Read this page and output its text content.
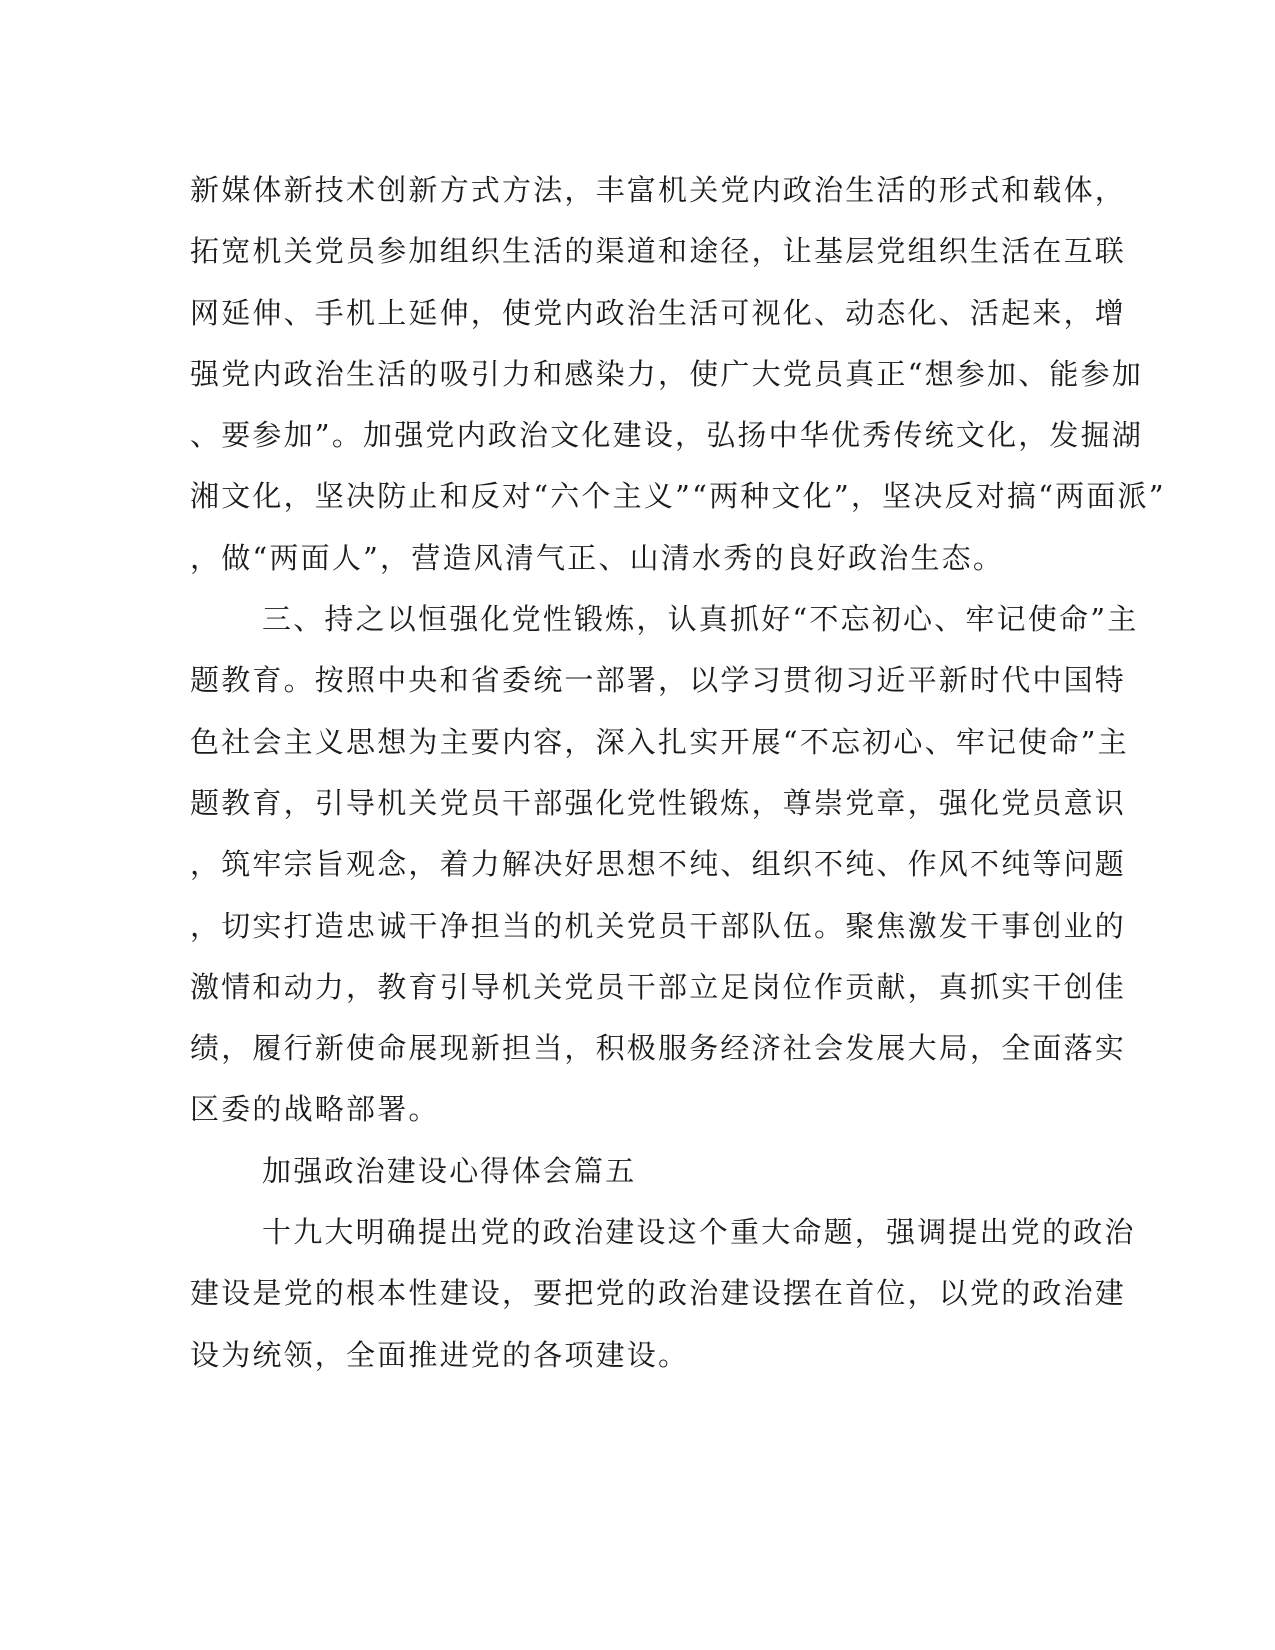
新媒体新技术创新方式方法，丰富机关党内政治生活的形式和载体，
拓宽机关党员参加组织生活的渠道和途径，让基层党组织生活在互联
网延伸、手机上延伸，使党内政治生活可视化、动态化、活起来，增
强党内政治生活的吸引力和感染力，使广大党员真正“想参加、能参加
、要参加”。加强党内政治文化建设，弘扬中华优秀传统文化，发掘湖
湘文化，坚决防止和反对“六个主义”“两种文化”，坚决反对搞“两面派”
，做“两面人”，营造风清气正、山清水秀的良好政治生态。
三、持之以恒强化党性锻炼，认真抓好“不忘初心、牢记使命”主
题教育。按照中央和省委统一部署，以学习贯彻习近平新时代中国特
色社会主义思想为主要内容，深入扎实开展“不忘初心、牢记使命”主
题教育，引导机关党员干部强化党性锻炼，尊崇党章，强化党员意识
，筑牢宗旨观念，着力解决好思想不纯、组织不纯、作风不纯等问题
，切实打造忠诚干净担当的机关党员干部队伍。聚焦激发干事创业的
激情和动力，教育引导机关党员干部立足岗位作贡献，真抓实干创佳
绩，履行新使命展现新担当，积极服务经济社会发展大局，全面落实
区委的战略部署。
加强政治建设心得体会篇五
十九大明确提出党的政治建设这个重大命题，强调提出党的政治
建设是党的根本性建设，要把党的政治建设摆在首位，以党的政治建
设为统领，全面推进党的各项建设。
